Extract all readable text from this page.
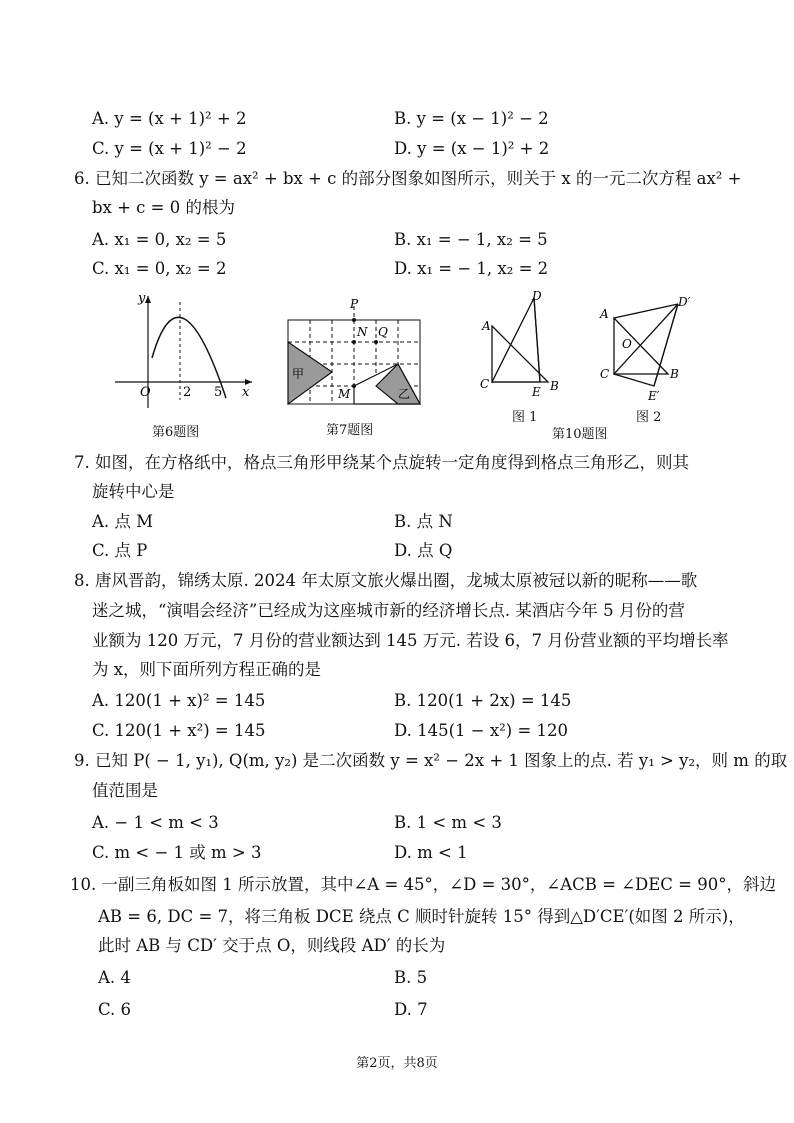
A. y = (x + 1)² + 2	B. y = (x − 1)² − 2
C. y = (x + 1)² − 2	D. y = (x − 1)² + 2
6. 已知二次函数 y = ax² + bx + c 的部分图象如图所示，则关于 x 的一元二次方程 ax² +
bx + c = 0 的根为
A. x₁ = 0, x₂ = 5	B. x₁ = − 1, x₂ = 5
C. x₁ = 0, x₂ = 2	D. x₁ = − 1, x₂ = 2
y
x
O 2 5
第6题图
P
N Q
M
甲
乙
第7题图
A
D
C
E B
图 1
A
D′
O
C	B
E′
图 2
第10题图
7. 如图，在方格纸中，格点三角形甲绕某个点旋转一定角度得到格点三角形乙，则其
旋转中心是
A. 点 M	B. 点 N
C. 点 P	D. 点 Q
8. 唐风晋韵，锦绣太原. 2024 年太原文旅火爆出圈，龙城太原被冠以新的昵称——歌
迷之城，“演唱会经济”已经成为这座城市新的经济增长点. 某酒店今年 5 月份的营
业额为 120 万元，7 月份的营业额达到 145 万元. 若设 6，7 月份营业额的平均增长率
为 x，则下面所列方程正确的是
A. 120(1 + x)² = 145	B. 120(1 + 2x) = 145
C. 120(1 + x²) = 145	D. 145(1 − x²) = 120
9. 已知 P( − 1, y₁), Q(m, y₂) 是二次函数 y = x² − 2x + 1 图象上的点. 若 y₁ > y₂，则 m 的取
值范围是
A. − 1 < m < 3	B. 1 < m < 3
C. m < − 1 或 m > 3	D. m < 1
10. 一副三角板如图 1 所示放置，其中∠A = 45°，∠D = 30°，∠ACB = ∠DEC = 90°，斜边
AB = 6, DC = 7，将三角板 DCE 绕点 C 顺时针旋转 15° 得到△D′CE′(如图 2 所示)，
此时 AB 与 CD′ 交于点 O，则线段 AD′ 的长为
A. 4	B. 5
C. 6	D. 7
第2页，共8页
